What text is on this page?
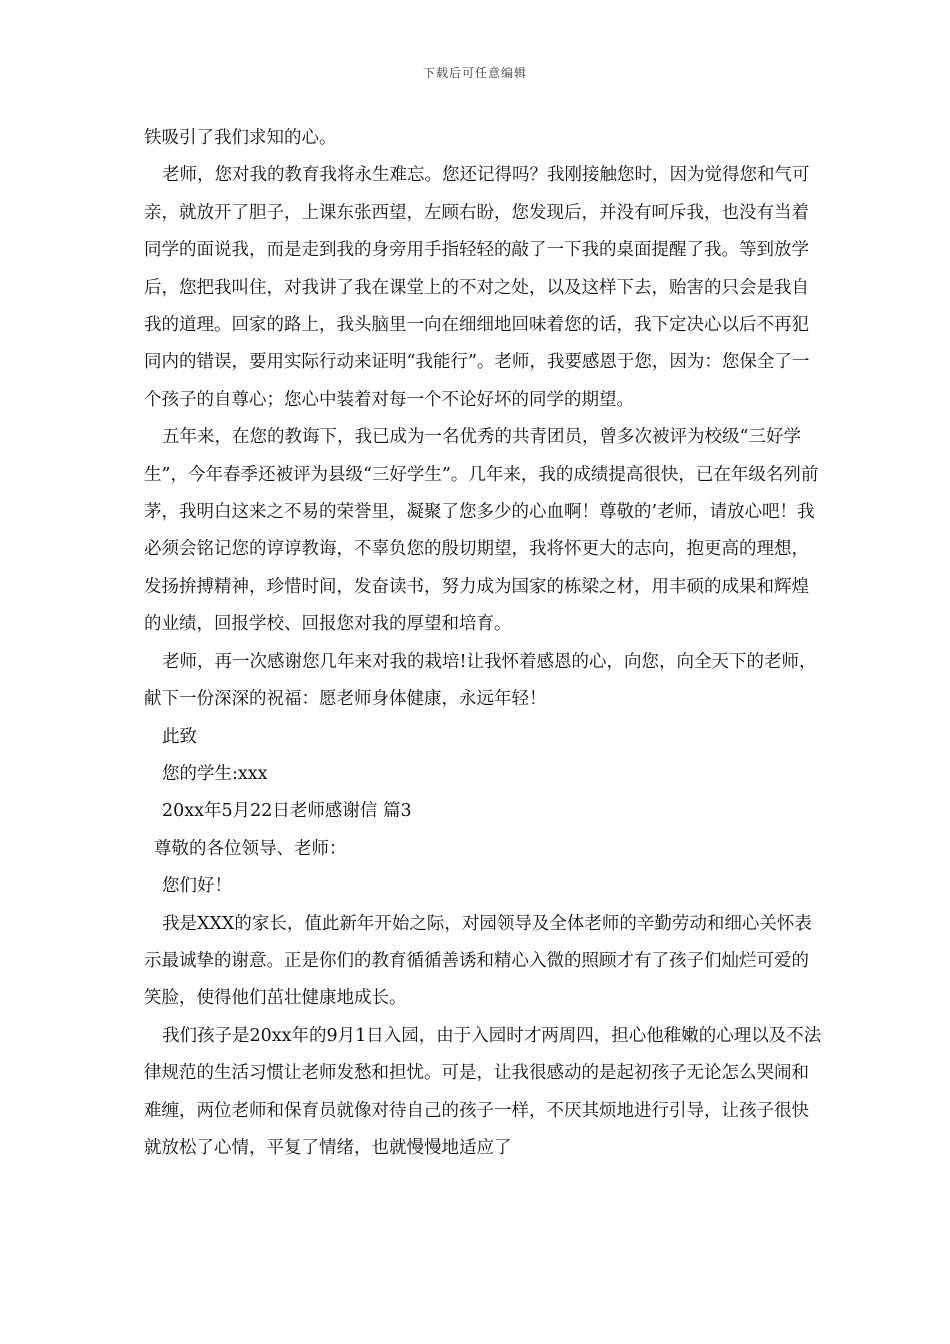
下载后可任意编辑

铁吸引了我们求知的心。

老师，您对我的教育我将永生难忘。您还记得吗？我刚接触您时，因为觉得您和气可亲，就放开了胆子，上课东张西望，左顾右盼，您发现后，并没有呵斥我，也没有当着同学的面说我，而是走到我的身旁用手指轻轻的敲了一下我的桌面提醒了我。等到放学后，您把我叫住，对我讲了我在课堂上的不对之处，以及这样下去，贻害的只会是我自我的道理。回家的路上，我头脑里一向在细细地回味着您的话，我下定决心以后不再犯同内的错误，要用实际行动来证明“我能行”。老师，我要感恩于您，因为：您保全了一个孩子的自尊心；您心中装着对每一个不论好坏的同学的期望。

五年来，在您的教诲下，我已成为一名优秀的共青团员，曾多次被评为校级“三好学生”，今年春季还被评为县级“三好学生”。几年来，我的成绩提高很快，已在年级名列前茅，我明白这来之不易的荣誉里，凝聚了您多少的心血啊！尊敬的’老师，请放心吧！我必须会铭记您的谆谆教诲，不辜负您的殷切期望，我将怀更大的志向，抱更高的理想，发扬拚搏精神，珍惜时间，发奋读书，努力成为国家的栋梁之材，用丰硕的成果和辉煌的业绩，回报学校、回报您对我的厚望和培育。

老师，再一次感谢您几年来对我的栽培!让我怀着感恩的心，向您，向全天下的老师，献下一份深深的祝福：愿老师身体健康，永远年轻！

此致

您的学生:xxx

20xx年5月22日老师感谢信 篇3

尊敬的各位领导、老师：

您们好！

我是XXX的家长，值此新年开始之际，对园领导及全体老师的辛勤劳动和细心关怀表示最诚挚的谢意。正是你们的教育循循善诱和精心入微的照顾才有了孩子们灿烂可爱的笑脸，使得他们茁壮健康地成长。

我们孩子是20xx年的9月1日入园，由于入园时才两周四，担心他稚嫩的心理以及不法律规范的生活习惯让老师发愁和担忧。可是，让我很感动的是起初孩子无论怎么哭闹和难缠，两位老师和保育员就像对待自己的孩子一样，不厌其烦地进行引导，让孩子很快就放松了心情，平复了情绪，也就慢慢地适应了
